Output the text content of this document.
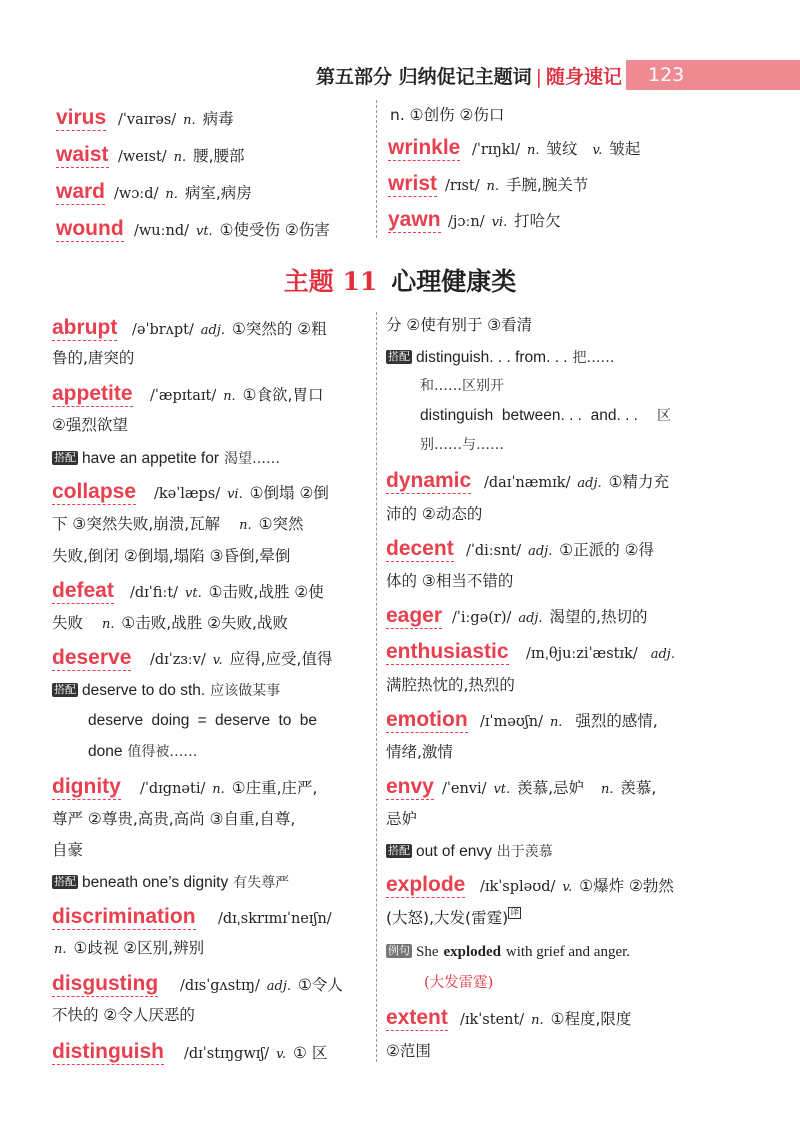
第五部分 归纳促记主题词 | 随身速记	123
virus /ˈvaɪrəs/ n. 病毒
waist /weɪst/ n. 腰,腰部
ward /wɔːd/ n. 病室,病房
wound /wuːnd/ vt. ①使受伤 ②伤害
n. ①创伤 ②伤口
wrinkle /ˈrɪŋkl/ n. 皱纹 v. 皱起
wrist /rɪst/ n. 手腕,腕关节
yawn /jɔːn/ vi. 打哈欠
主题 11 心理健康类
abrupt /əˈbrʌpt/ adj. ①突然的 ②粗
鲁的,唐突的
appetite /ˈæpɪtaɪt/ n. ①食欲,胃口
②强烈欲望
搭配 have an appetite for 渴望……
collapse /kəˈlæps/ vi. ①倒塌 ②倒
下 ③突然失败,崩溃,瓦解 n. ①突然
失败,倒闭 ②倒塌,塌陷 ③昏倒,晕倒
defeat /dɪˈfiːt/ vt. ①击败,战胜 ②使
失败 n. ①击败,战胜 ②失败,战败
deserve /dɪˈzɜːv/ v. 应得,应受,值得
搭配 deserve to do sth. 应该做某事
deserve doing = deserve to be
done 值得被……
dignity /ˈdɪgnəti/ n. ①庄重,庄严,
尊严 ②尊贵,高贵,高尚 ③自重,自尊,
自豪
搭配 beneath one’s dignity 有失尊严
discrimination /dɪˌskrɪmɪˈneɪʃn/
n. ①歧视 ②区别,辨别
disgusting /dɪsˈgʌstɪŋ/ adj. ①令人
不快的 ②令人厌恶的
distinguish /dɪˈstɪŋgwɪʃ/ v. ① 区
分 ②使有别于 ③看清
搭配 distinguish. . . from. . . 把……
和……区别开
distinguish  between. . .  and. . . 区
别……与……
dynamic /daɪˈnæmɪk/ adj. ①精力充
沛的 ②动态的
decent /ˈdiːsnt/ adj. ①正派的 ②得
体的 ③相当不错的
eager /ˈiːgə(r)/ adj. 渴望的,热切的
enthusiastic /ɪnˌθjuːziˈæstɪk/ adj.
满腔热忱的,热烈的
emotion /ɪˈməʊʃn/ n. 强烈的感情,
情绪,激情
envy /ˈenvi/ vt. 羡慕,忌妒 n. 羡慕,
忌妒
搭配 out of envy 出于羡慕
explode /ɪkˈspləʊd/ v. ①爆炸 ②勃然
(大怒),大发(雷霆) 译
例句 She exploded with grief and anger.
(大发雷霆)
extent /ɪkˈstent/ n. ①程度,限度
②范围
